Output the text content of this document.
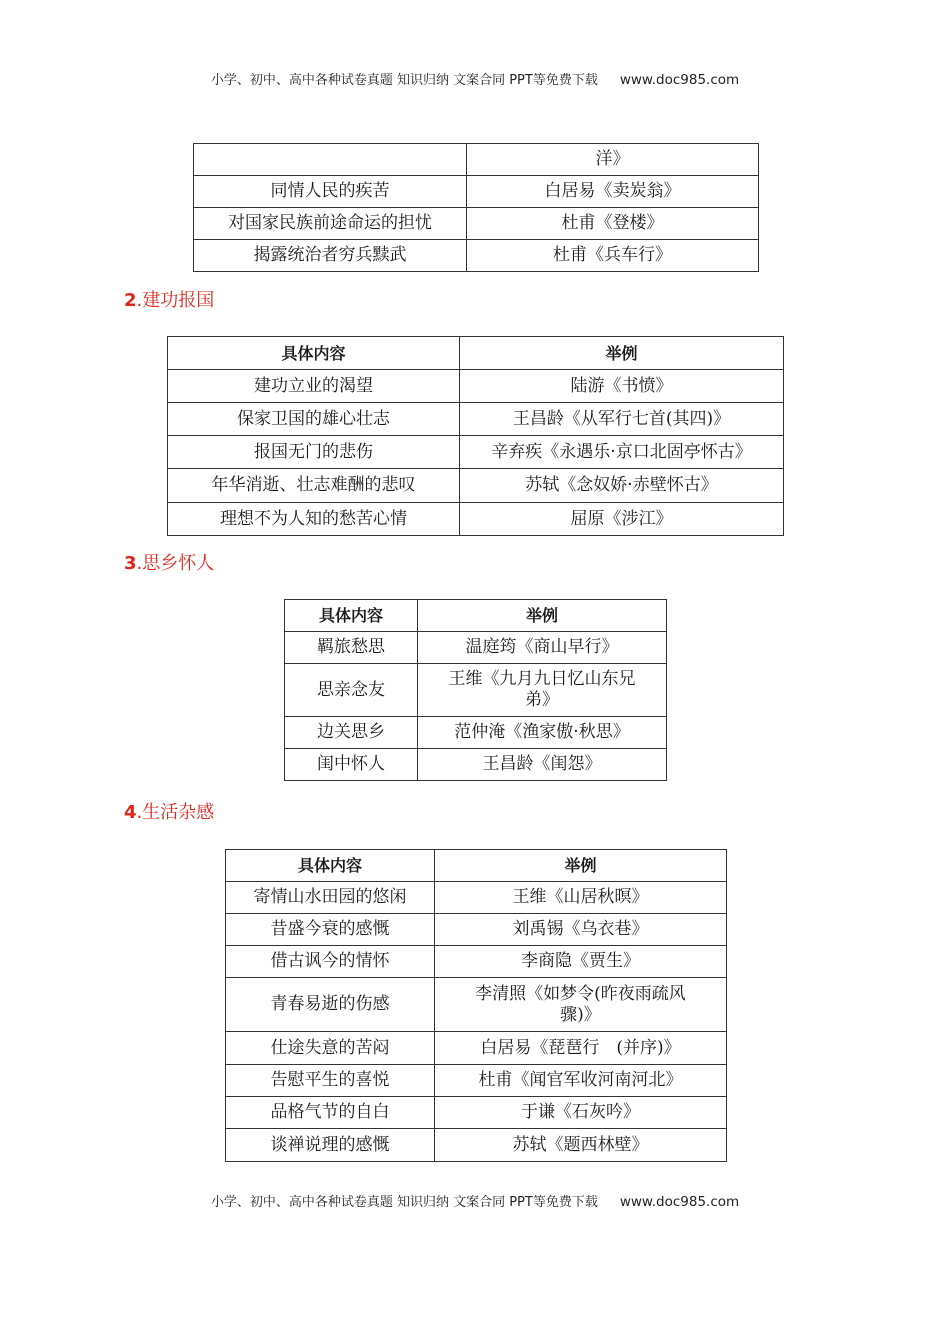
小学、初中、高中各种试卷真题 知识归纳 文案合同 PPT等免费下载 www.doc985.com
	洋》
同情人民的疾苦	白居易《卖炭翁》
对国家民族前途命运的担忧	杜甫《登楼》
揭露统治者穷兵黩武	杜甫《兵车行》
2.建功报国
具体内容	举例
建功立业的渴望	陆游《书愤》
保家卫国的雄心壮志	王昌龄《从军行七首(其四)》
报国无门的悲伤	辛弃疾《永遇乐·京口北固亭怀古》
年华消逝、壮志难酬的悲叹	苏轼《念奴娇·赤壁怀古》
理想不为人知的愁苦心情	屈原《涉江》
3.思乡怀人
具体内容	举例
羁旅愁思	温庭筠《商山早行》
思亲念友	王维《九月九日忆山东兄弟》
边关思乡	范仲淹《渔家傲·秋思》
闺中怀人	王昌龄《闺怨》
4.生活杂感
具体内容	举例
寄情山水田园的悠闲	王维《山居秋暝》
昔盛今衰的感慨	刘禹锡《乌衣巷》
借古讽今的情怀	李商隐《贾生》
青春易逝的伤感	李清照《如梦令(昨夜雨疏风骤)》
仕途失意的苦闷	白居易《琵琶行　(并序)》
告慰平生的喜悦	杜甫《闻官军收河南河北》
品格气节的自白	于谦《石灰吟》
谈禅说理的感慨	苏轼《题西林壁》
小学、初中、高中各种试卷真题 知识归纳 文案合同 PPT等免费下载 www.doc985.com
